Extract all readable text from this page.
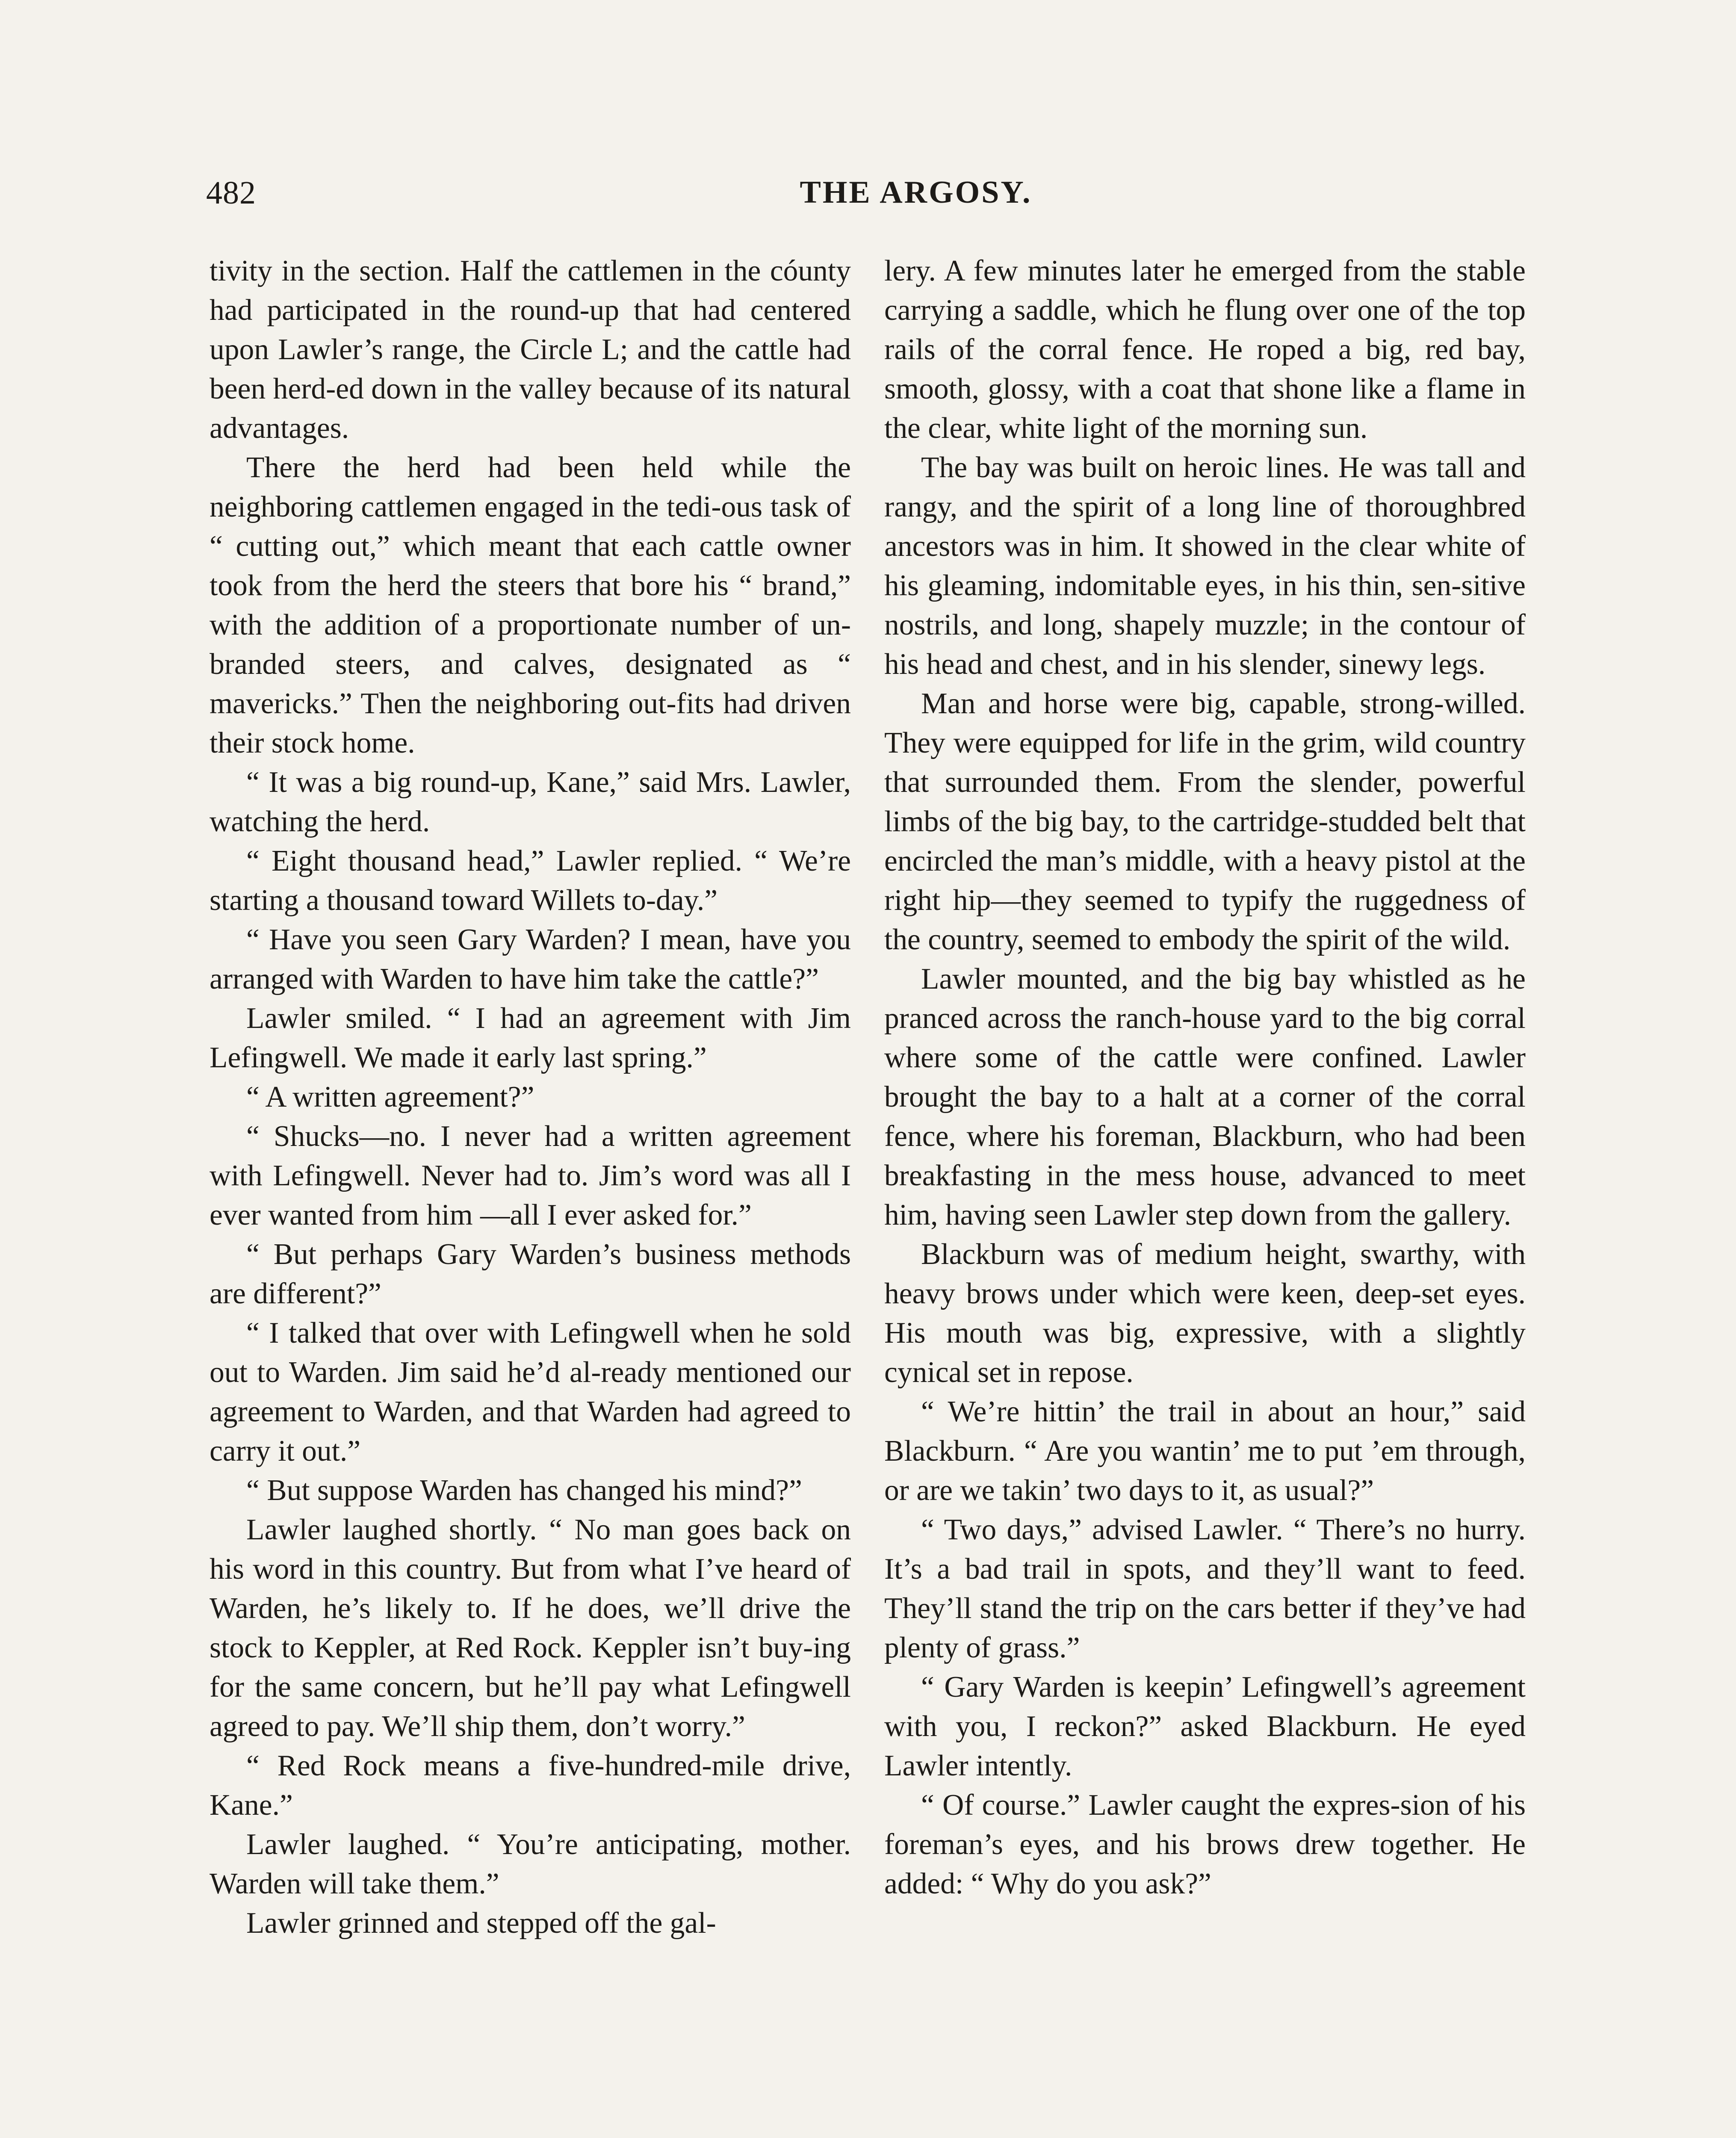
482	THE ARGOSY.

tivity in the section. Half the cattlemen in the cóunty had participated in the round-up that had centered upon Lawler’s range, the Circle L; and the cattle had been herd-ed down in the valley because of its natural advantages.

There the herd had been held while the neighboring cattlemen engaged in the tedi-ous task of “ cutting out,” which meant that each cattle owner took from the herd the steers that bore his “ brand,” with the addition of a proportionate number of un-branded steers, and calves, designated as “ mavericks.” Then the neighboring out-fits had driven their stock home.

“ It was a big round-up, Kane,” said Mrs. Lawler, watching the herd.

“ Eight thousand head,” Lawler replied. “ We’re starting a thousand toward Willets to-day.”

“ Have you seen Gary Warden? I mean, have you arranged with Warden to have him take the cattle?”

Lawler smiled. “ I had an agreement with Jim Lefingwell. We made it early last spring.”

“ A written agreement?”

“ Shucks—no. I never had a written agreement with Lefingwell. Never had to. Jim’s word was all I ever wanted from him —all I ever asked for.”

“ But perhaps Gary Warden’s business methods are different?”

“ I talked that over with Lefingwell when he sold out to Warden. Jim said he’d al-ready mentioned our agreement to Warden, and that Warden had agreed to carry it out.”

“ But suppose Warden has changed his mind?”

Lawler laughed shortly. “ No man goes back on his word in this country. But from what I’ve heard of Warden, he’s likely to. If he does, we’ll drive the stock to Keppler, at Red Rock. Keppler isn’t buy-ing for the same concern, but he’ll pay what Lefingwell agreed to pay. We’ll ship them, don’t worry.”

“ Red Rock means a five-hundred-mile drive, Kane.”

Lawler laughed. “ You’re anticipating, mother. Warden will take them.”

Lawler grinned and stepped off the gal-

lery. A few minutes later he emerged from the stable carrying a saddle, which he flung over one of the top rails of the corral fence. He roped a big, red bay, smooth, glossy, with a coat that shone like a flame in the clear, white light of the morning sun.

The bay was built on heroic lines. He was tall and rangy, and the spirit of a long line of thoroughbred ancestors was in him. It showed in the clear white of his gleaming, indomitable eyes, in his thin, sen-sitive nostrils, and long, shapely muzzle; in the contour of his head and chest, and in his slender, sinewy legs.

Man and horse were big, capable, strong-willed. They were equipped for life in the grim, wild country that surrounded them. From the slender, powerful limbs of the big bay, to the cartridge-studded belt that encircled the man’s middle, with a heavy pistol at the right hip—they seemed to typify the ruggedness of the country, seemed to embody the spirit of the wild.

Lawler mounted, and the big bay whistled as he pranced across the ranch-house yard to the big corral where some of the cattle were confined. Lawler brought the bay to a halt at a corner of the corral fence, where his foreman, Blackburn, who had been breakfasting in the mess house, advanced to meet him, having seen Lawler step down from the gallery.

Blackburn was of medium height, swarthy, with heavy brows under which were keen, deep-set eyes. His mouth was big, expressive, with a slightly cynical set in repose.

“ We’re hittin’ the trail in about an hour,” said Blackburn. “ Are you wantin’ me to put ’em through, or are we takin’ two days to it, as usual?”

“ Two days,” advised Lawler. “ There’s no hurry. It’s a bad trail in spots, and they’ll want to feed. They’ll stand the trip on the cars better if they’ve had plenty of grass.”

“ Gary Warden is keepin’ Lefingwell’s agreement with you, I reckon?” asked Blackburn. He eyed Lawler intently.

“ Of course.” Lawler caught the expres-sion of his foreman’s eyes, and his brows drew together. He added: “ Why do you ask?”
